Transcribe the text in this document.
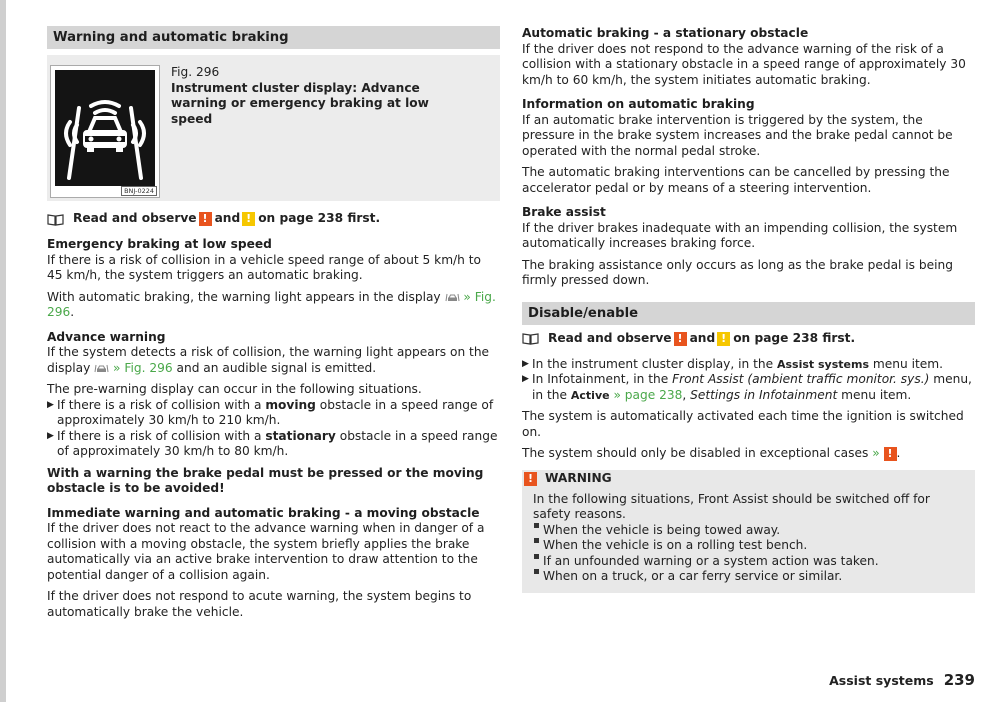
Warning and automatic braking
BNJ-0224
Fig. 296
Instrument cluster display: Advance warning or emergency braking at low speed
Read and observe ! and ! on page 238 first.
Emergency braking at low speed

If there is a risk of collision in a vehicle speed range of about 5 km/h to 45 km/h, the system triggers an automatic braking.

With automatic braking, the warning light appears in the display » Fig. 296.

Advance warning

If the system detects a risk of collision, the warning light appears on the display » Fig. 296 and an audible signal is emitted.

The pre-warning display can occur in the following situations.

▶ If there is a risk of collision with a moving obstacle in a speed range of approximately 30 km/h to 210 km/h.
▶ If there is a risk of collision with a stationary obstacle in a speed range of approximately 30 km/h to 80 km/h.

With a warning the brake pedal must be pressed or the moving obstacle is to be avoided!

Immediate warning and automatic braking - a moving obstacle

If the driver does not react to the advance warning when in danger of a collision with a moving obstacle, the system briefly applies the brake automatically via an active brake intervention to draw attention to the potential danger of a collision again.

If the driver does not respond to acute warning, the system begins to automatically brake the vehicle.

Automatic braking - a stationary obstacle

If the driver does not respond to the advance warning of the risk of a collision with a stationary obstacle in a speed range of approximately 30 km/h to 60 km/h, the system initiates automatic braking.

Information on automatic braking

If an automatic brake intervention is triggered by the system, the pressure in the brake system increases and the brake pedal cannot be operated with the normal pedal stroke.

The automatic braking interventions can be cancelled by pressing the accelerator pedal or by means of a steering intervention.

Brake assist

If the driver brakes inadequate with an impending collision, the system automatically increases braking force.

The braking assistance only occurs as long as the brake pedal is being firmly pressed down.

Disable/enable
Read and observe ! and ! on page 238 first.
▶ In the instrument cluster display, in the Assist systems menu item.
▶ In Infotainment, in the Front Assist (ambient traffic monitor. sys.) menu, in the Active » page 238, Settings in Infotainment menu item.

The system is automatically activated each time the ignition is switched on.

The system should only be disabled in exceptional cases » ! .

! WARNING

In the following situations, Front Assist should be switched off for safety reasons.

When the vehicle is being towed away.
When the vehicle is on a rolling test bench.
If an unfounded warning or a system action was taken.
When on a truck, or a car ferry service or similar.
Assist systems 239
